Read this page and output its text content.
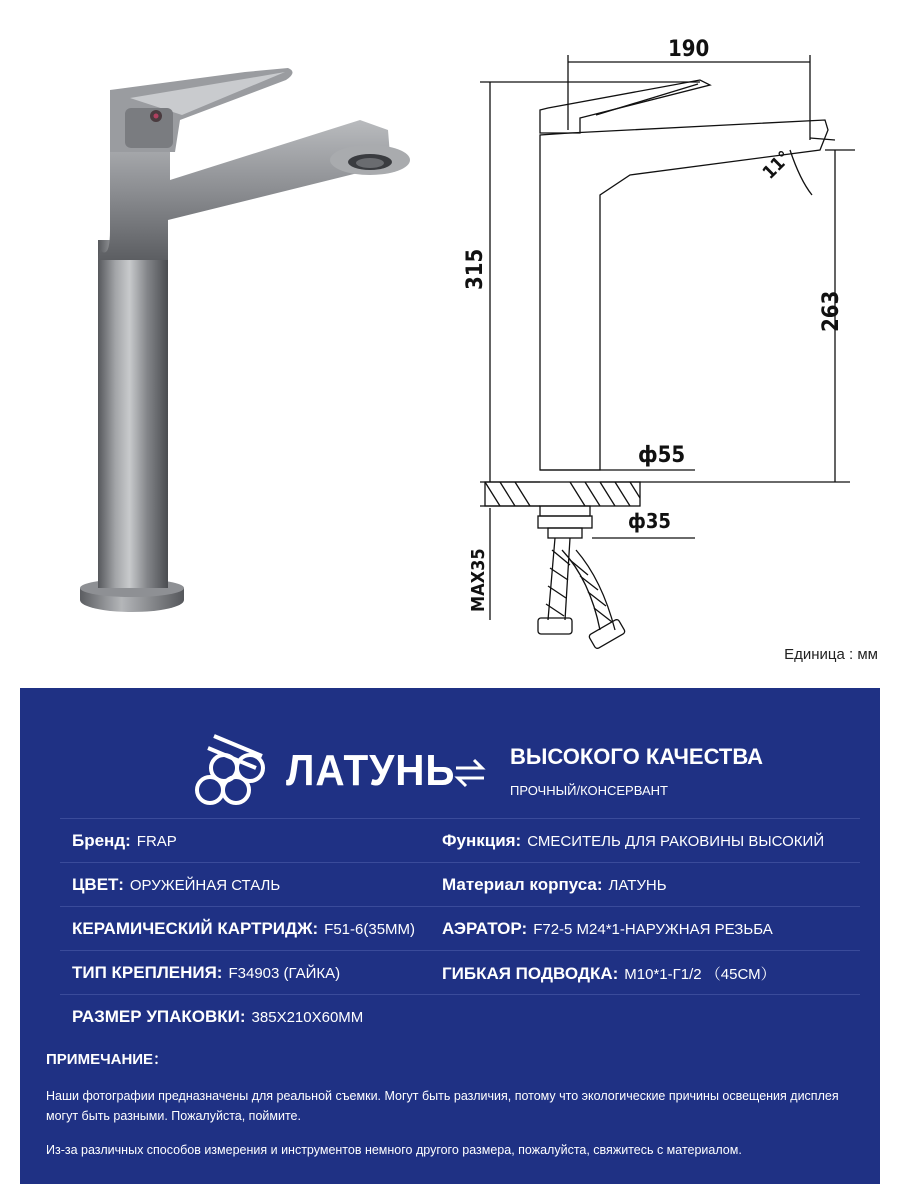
190
315
263
11°
ф55
ф35
MAX35
Единица : мм
ЛАТУНЬ ВЫСОКОГО КАЧЕСТВА
ПРОЧНЫЙ/КОНСЕРВАНТ
Бренд: FRAP	Функция: СМЕСИТЕЛЬ ДЛЯ РАКОВИНЫ ВЫСОКИЙ
ЦВЕТ: ОРУЖЕЙНАЯ СТАЛЬ	Материал корпуса: ЛАТУНЬ
КЕРАМИЧЕСКИЙ КАРТРИДЖ: F51-6(35ММ) АЭРАТОР: F72-5 М24*1-НАРУЖНАЯ РЕЗЬБА
ТИП КРЕПЛЕНИЯ: F34903 (ГАЙКА)	ГИБКАЯ ПОДВОДКА: М10*1-Г1/2 （45СМ）
РАЗМЕР УПАКОВКИ: 385Х210Х60ММ
ПРИМЕЧАНИЕ：
Наши фотографии предназначены для реальной съемки. Могут быть различия, потому что экологические причины освещения дисплея могут быть разными. Пожалуйста, поймите.
Из-за различных способов измерения и инструментов немного другого размера, пожалуйста, свяжитесь с материалом.
